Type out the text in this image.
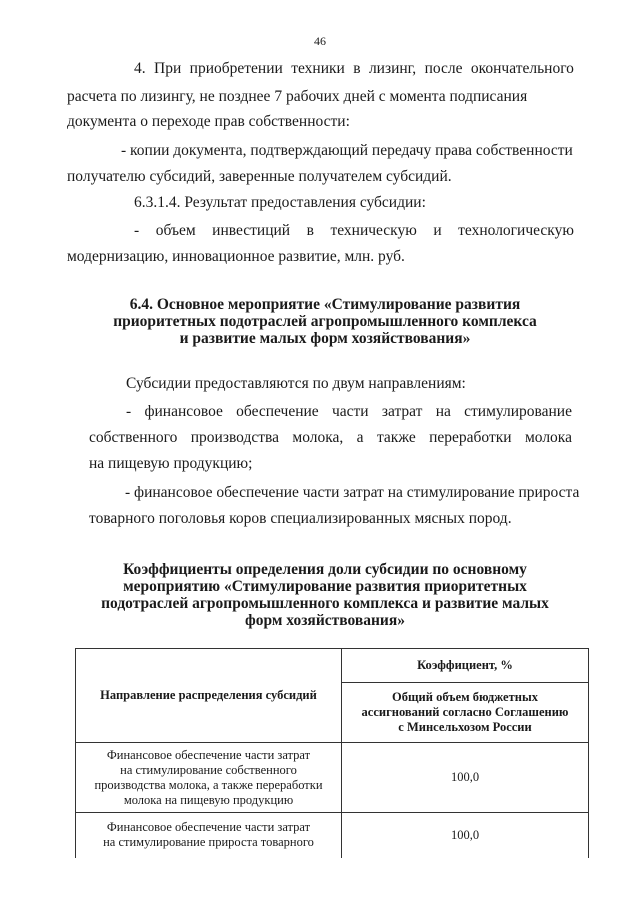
46
4. При приобретении техники в лизинг, после окончательного
расчета по лизингу, не позднее 7 рабочих дней с момента подписания
документа о переходе прав собственности:
- копии документа, подтверждающий передачу права собственности
получателю субсидий, заверенные получателем субсидий.
6.3.1.4. Результат предоставления субсидии:
- объем инвестиций в техническую и технологическую
модернизацию, инновационное развитие, млн. руб.
6.4. Основное мероприятие «Стимулирование развития
приоритетных подотраслей агропромышленного комплекса
и развитие малых форм хозяйствования»
Субсидии предоставляются по двум направлениям:
- финансовое обеспечение части затрат на стимулирование
собственного производства молока, а также переработки молока
на пищевую продукцию;
- финансовое обеспечение части затрат на стимулирование прироста
товарного поголовья коров специализированных мясных пород.
Коэффициенты определения доли субсидии по основному
мероприятию «Стимулирование развития приоритетных
подотраслей агропромышленного комплекса и развитие малых
форм хозяйствования»
Направление распределения субсидий	Коэффициент, %

	Общий объем бюджетных
ассигнований согласно Соглашению
с Минсельхозом России

Финансовое обеспечение части затрат
на стимулирование собственного
производства молока, а также переработки
молока на пищевую продукцию	100,0

Финансовое обеспечение части затрат
на стимулирование прироста товарного	100,0
